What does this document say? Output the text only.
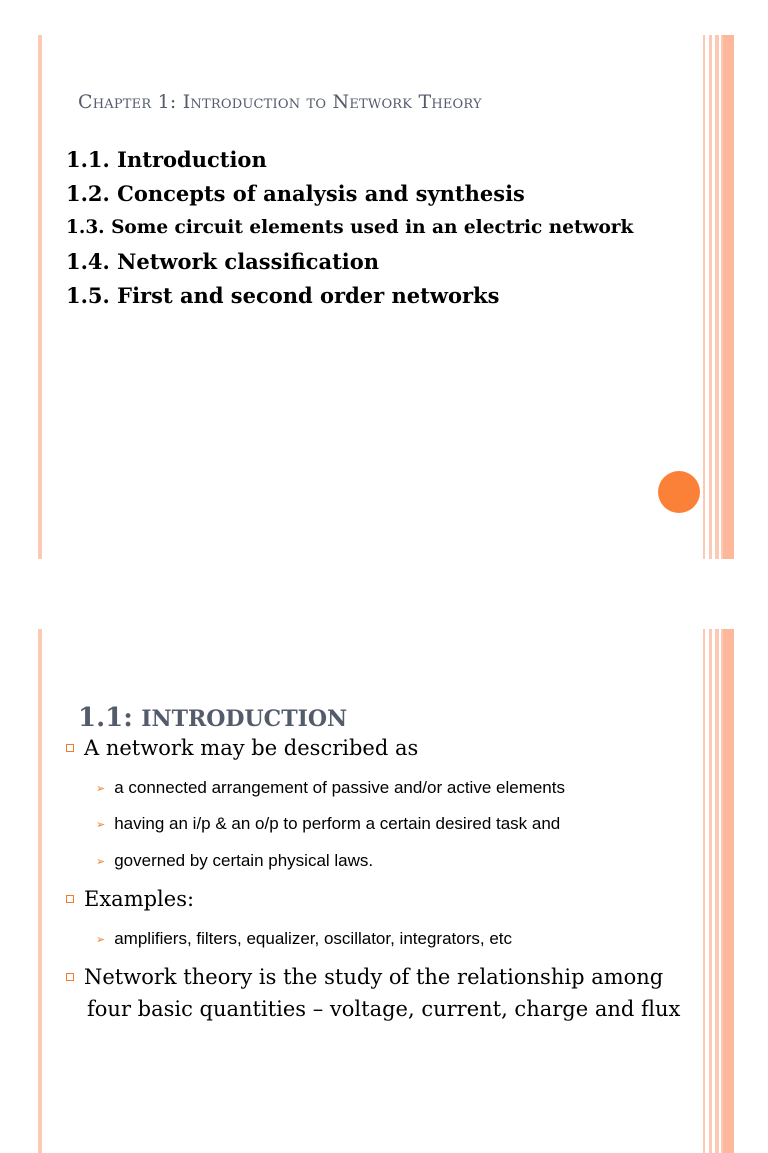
Chapter 1: Introduction to Network Theory
1.1. Introduction
1.2. Concepts of analysis and synthesis
1.3. Some circuit elements used in an electric network
1.4. Network classification
1.5. First and second order networks
1.1: INTRODUCTION
A network may be described as
➢ a connected arrangement of passive and/or active elements
➢ having an i/p & an o/p to perform a certain desired task and
➢ governed by certain physical laws.
Examples:
➢ amplifiers, filters, equalizer, oscillator, integrators, etc
Network theory is the study of the relationship among
four basic quantities – voltage, current, charge and flux
